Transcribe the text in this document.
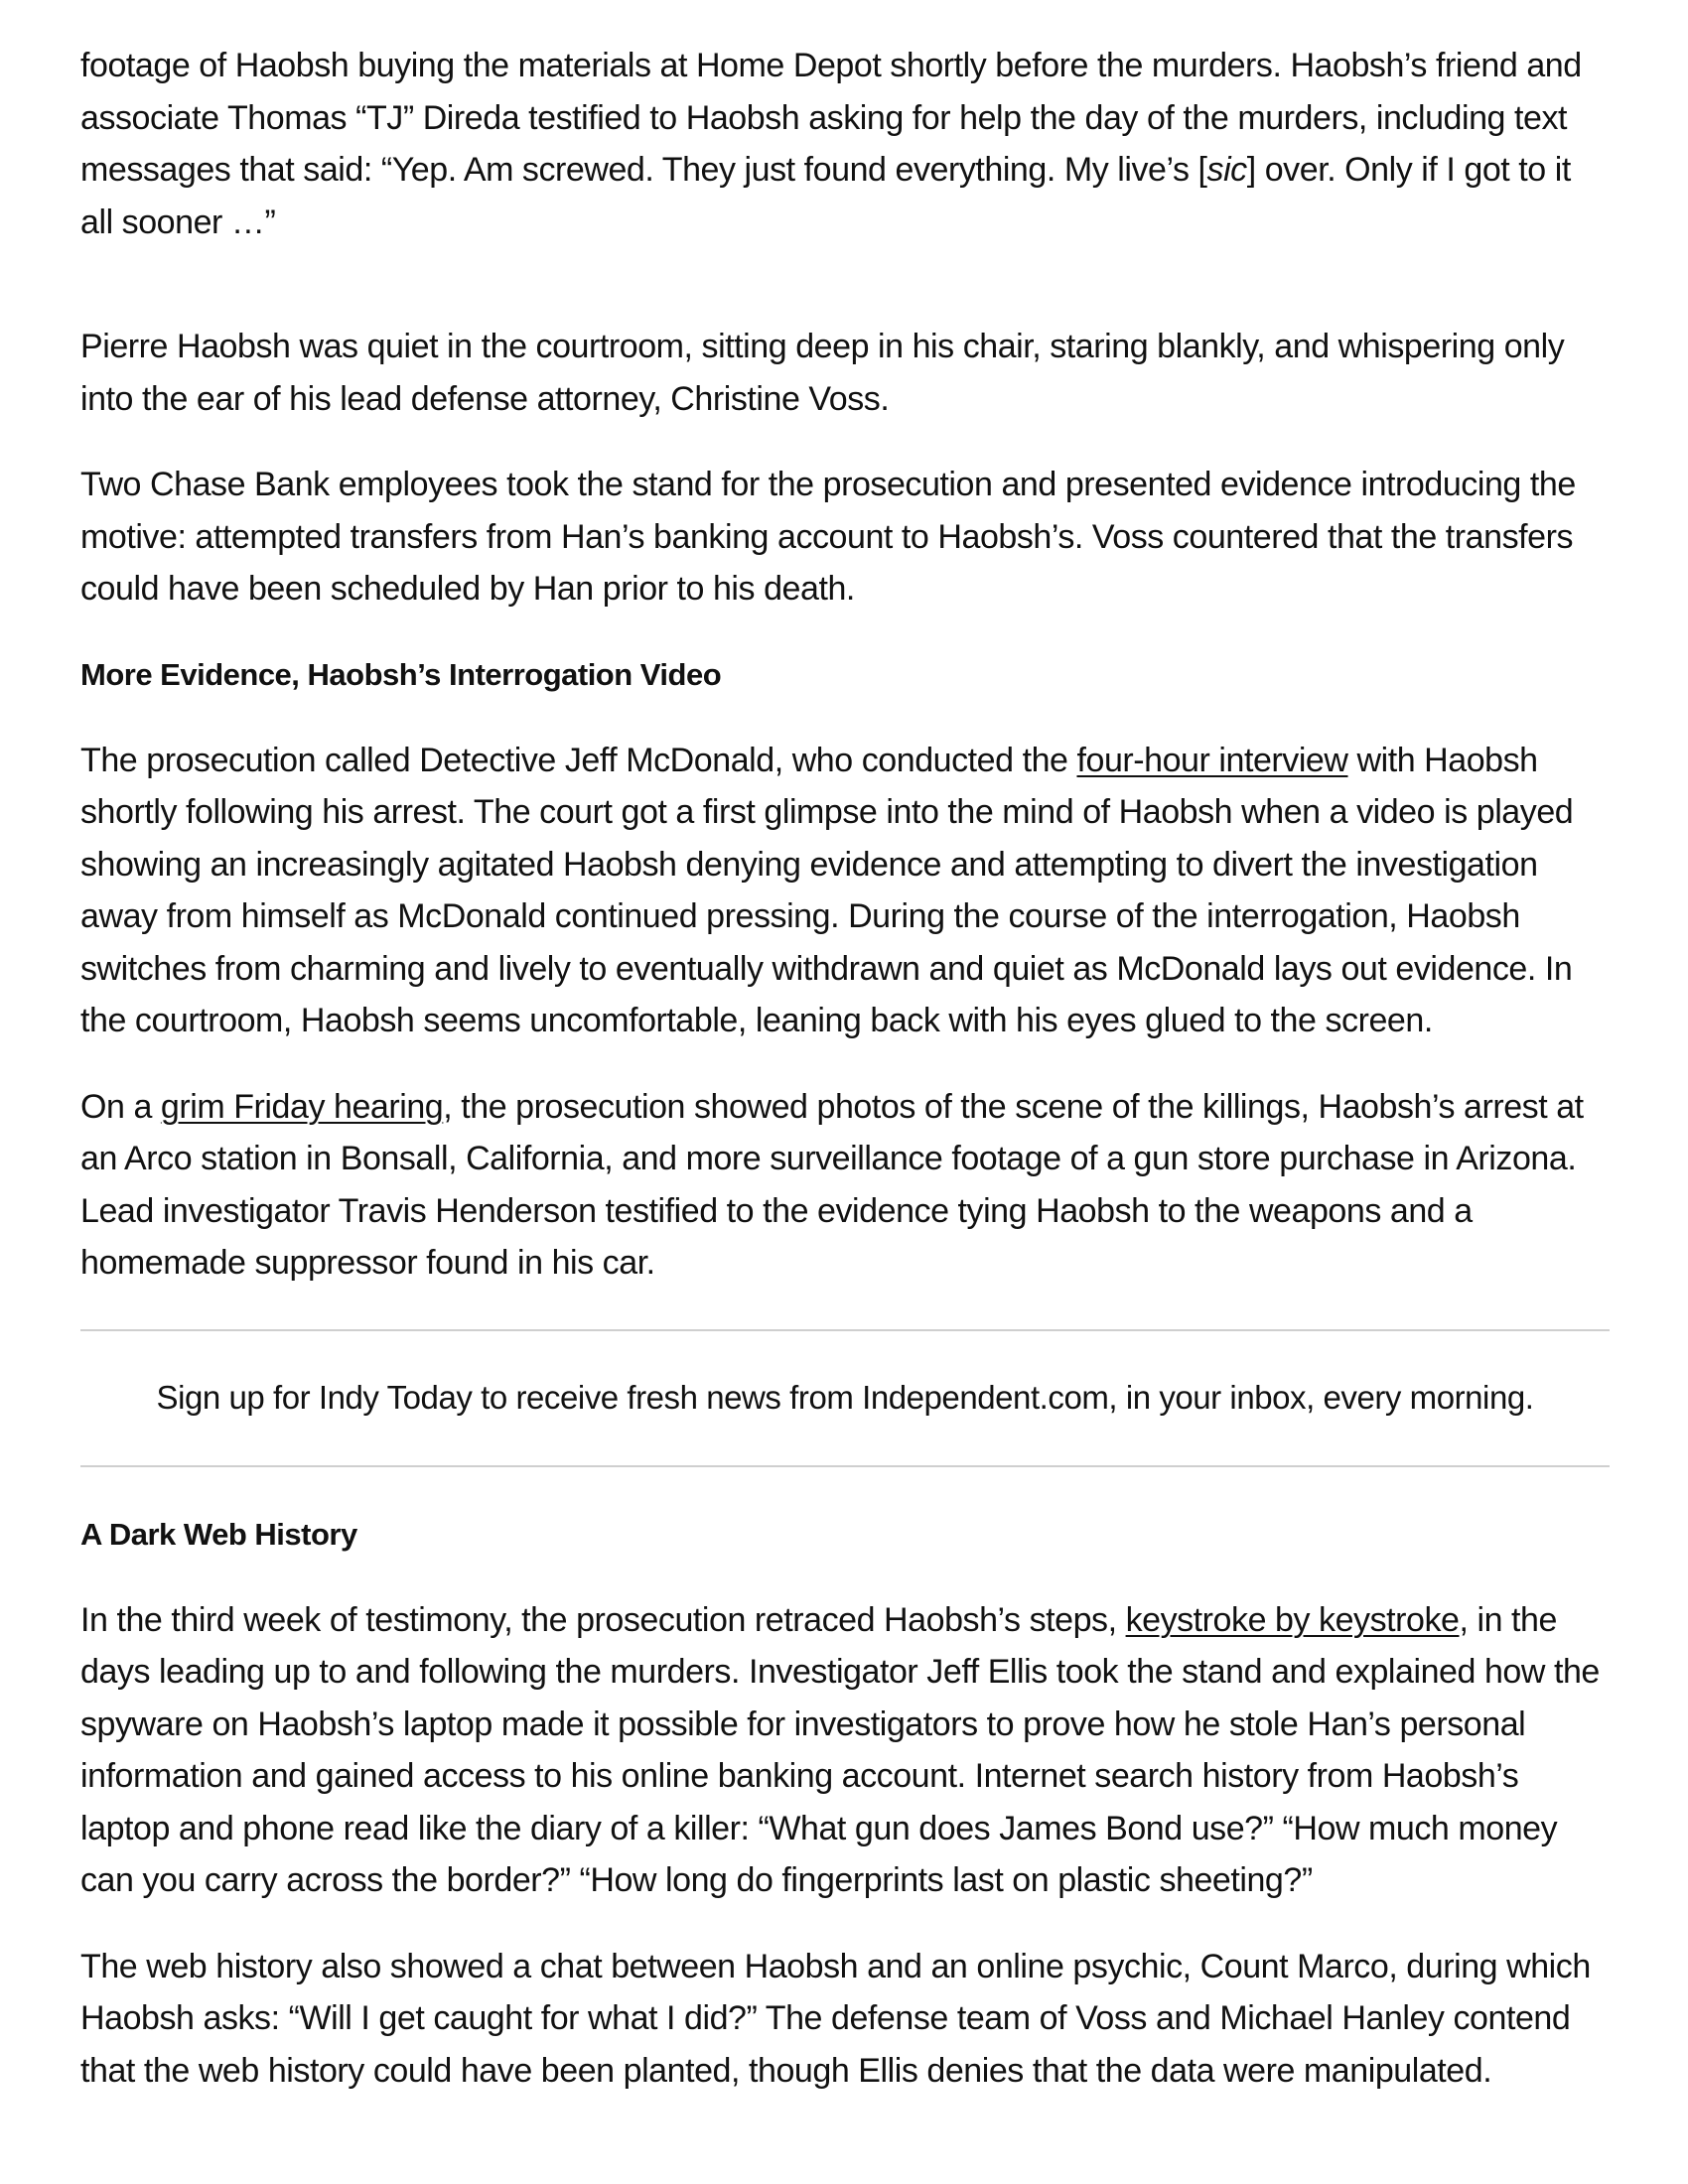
footage of Haobsh buying the materials at Home Depot shortly before the murders. Haobsh’s friend and associate Thomas “TJ” Direda testified to Haobsh asking for help the day of the murders, including text messages that said: “Yep. Am screwed. They just found everything. My live’s [sic] over. Only if I got to it all sooner …”

Pierre Haobsh was quiet in the courtroom, sitting deep in his chair, staring blankly, and whispering only into the ear of his lead defense attorney, Christine Voss.

Two Chase Bank employees took the stand for the prosecution and presented evidence introducing the motive: attempted transfers from Han’s banking account to Haobsh’s. Voss countered that the transfers could have been scheduled by Han prior to his death.

More Evidence, Haobsh’s Interrogation Video

The prosecution called Detective Jeff McDonald, who conducted the four-hour interview with Haobsh shortly following his arrest. The court got a first glimpse into the mind of Haobsh when a video is played showing an increasingly agitated Haobsh denying evidence and attempting to divert the investigation away from himself as McDonald continued pressing. During the course of the interrogation, Haobsh switches from charming and lively to eventually withdrawn and quiet as McDonald lays out evidence. In the courtroom, Haobsh seems uncomfortable, leaning back with his eyes glued to the screen.

On a grim Friday hearing, the prosecution showed photos of the scene of the killings, Haobsh’s arrest at an Arco station in Bonsall, California, and more surveillance footage of a gun store purchase in Arizona. Lead investigator Travis Henderson testified to the evidence tying Haobsh to the weapons and a homemade suppressor found in his car.

Sign up for Indy Today to receive fresh news from Independent.com, in your inbox, every morning.

A Dark Web History

In the third week of testimony, the prosecution retraced Haobsh’s steps, keystroke by keystroke, in the days leading up to and following the murders. Investigator Jeff Ellis took the stand and explained how the spyware on Haobsh’s laptop made it possible for investigators to prove how he stole Han’s personal information and gained access to his online banking account. Internet search history from Haobsh’s laptop and phone read like the diary of a killer: “What gun does James Bond use?” “How much money can you carry across the border?” “How long do fingerprints last on plastic sheeting?”

The web history also showed a chat between Haobsh and an online psychic, Count Marco, during which Haobsh asks: “Will I get caught for what I did?” The defense team of Voss and Michael Hanley contend that the web history could have been planted, though Ellis denies that the data were manipulated.
